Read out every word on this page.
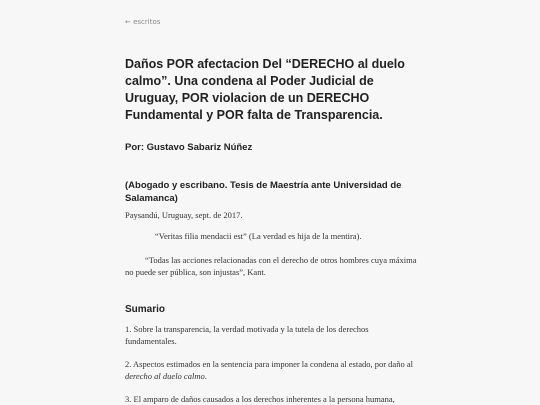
← escritos
Daños POR afectacion Del “DERECHO al duelo calmo”. Una condena al Poder Judicial de Uruguay, POR violacion de un DERECHO Fundamental y POR falta de Transparencia.

Por: Gustavo Sabariz Núñez

(Abogado y escribano. Tesis de Maestría ante Universidad de Salamanca)

Paysandú, Uruguay, sept. de 2017.

“Veritas filia mendacii est” (La verdad es hija de la mentira).

“Todas las acciones relacionadas con el derecho de otros hombres cuya máxima no puede ser pública, son injustas”, Kant.

Sumario

1. Sobre la transparencia, la verdad motivada y la tutela de los derechos fundamentales.

2. Aspectos estimados en la sentencia para imponer la condena al estado, por daño al derecho al duelo calmo.

3. El amparo de daños causados a los derechos inherentes a la persona humana,
